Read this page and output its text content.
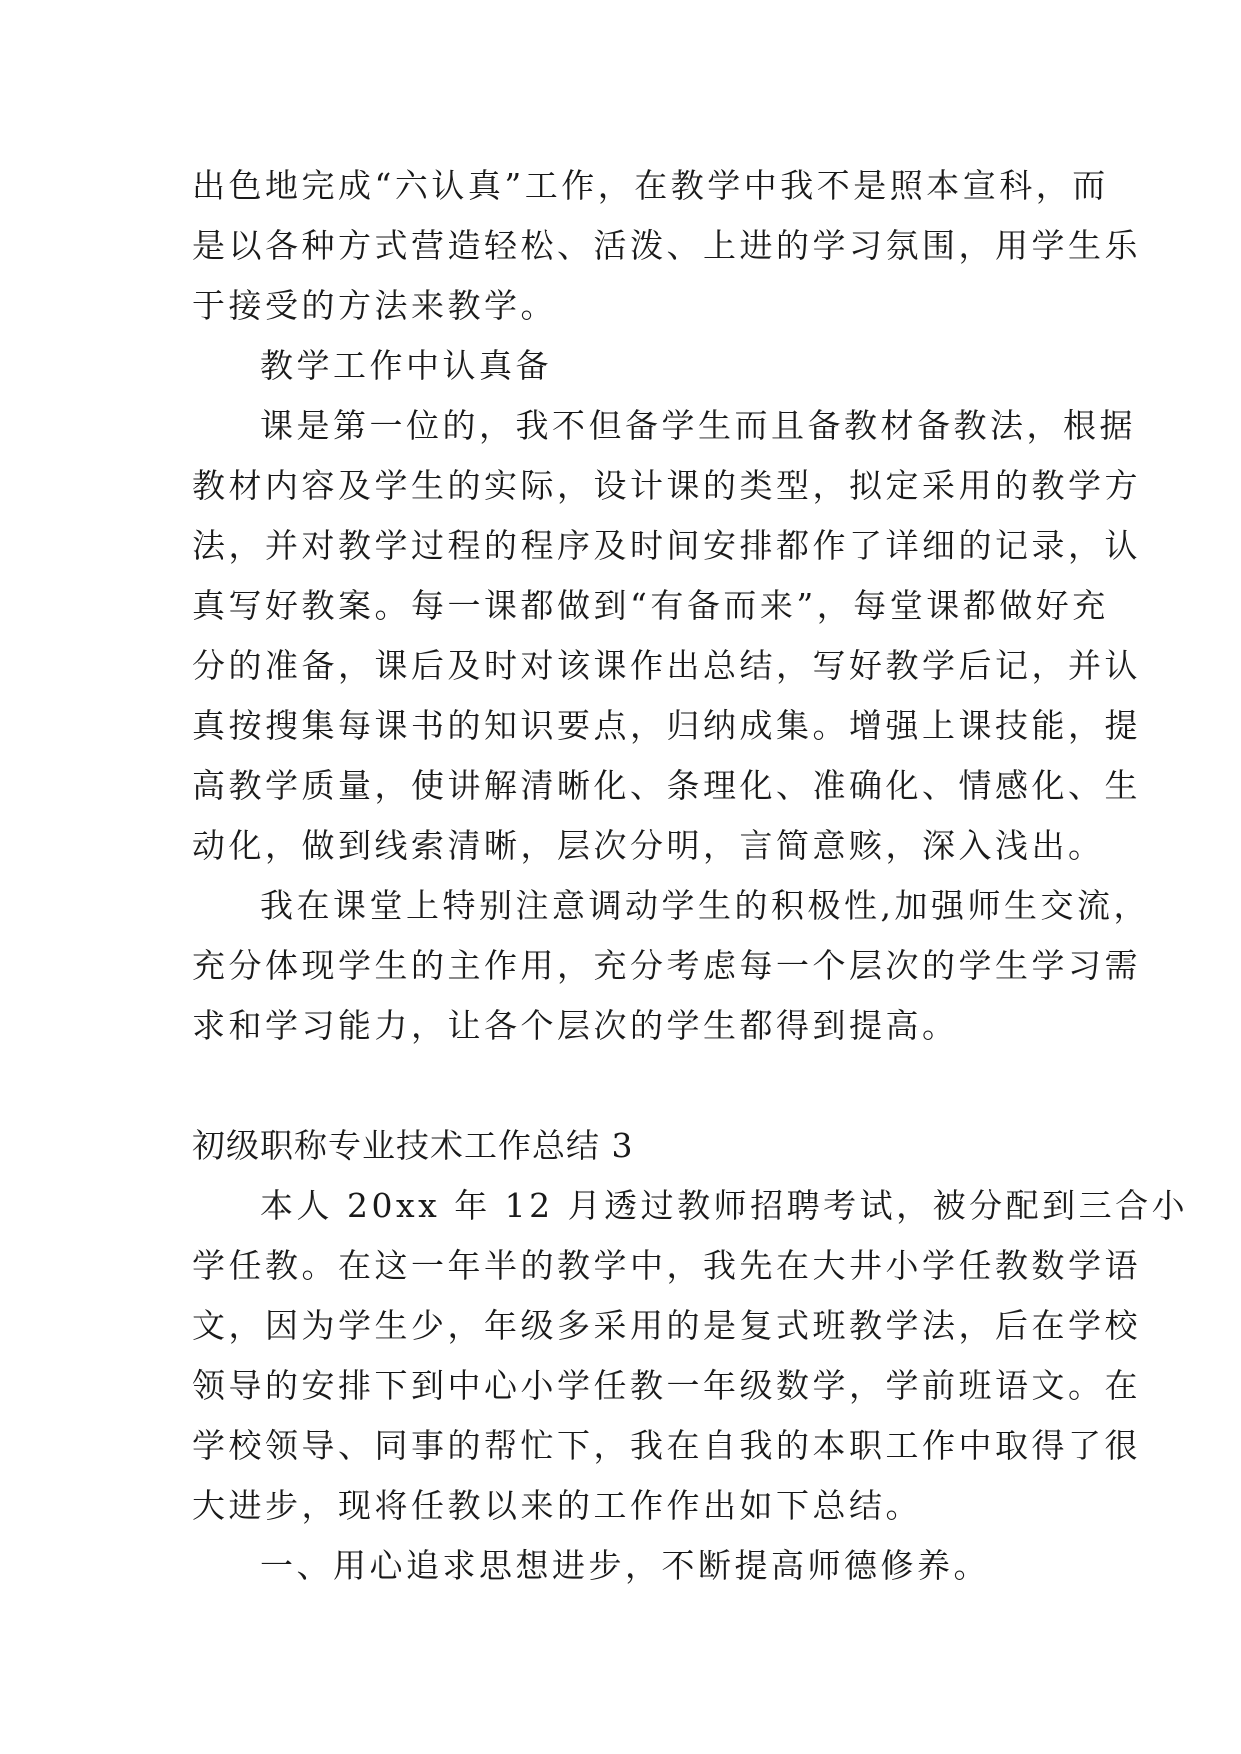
出色地完成“六认真”工作，在教学中我不是照本宣科，而
是以各种方式营造轻松、活泼、上进的学习氛围，用学生乐
于接受的方法来教学。
教学工作中认真备
课是第一位的，我不但备学生而且备教材备教法，根据
教材内容及学生的实际，设计课的类型，拟定采用的教学方
法，并对教学过程的程序及时间安排都作了详细的记录，认
真写好教案。每一课都做到“有备而来”，每堂课都做好充
分的准备，课后及时对该课作出总结，写好教学后记，并认
真按搜集每课书的知识要点，归纳成集。增强上课技能，提
高教学质量，使讲解清晰化、条理化、准确化、情感化、生
动化，做到线索清晰，层次分明，言简意赅，深入浅出。
我在课堂上特别注意调动学生的积极性,加强师生交流，
充分体现学生的主作用，充分考虑每一个层次的学生学习需
求和学习能力，让各个层次的学生都得到提高。
初级职称专业技术工作总结 3
本人 20xx 年 12 月透过教师招聘考试，被分配到三合小
学任教。在这一年半的教学中，我先在大井小学任教数学语
文，因为学生少，年级多采用的是复式班教学法，后在学校
领导的安排下到中心小学任教一年级数学，学前班语文。在
学校领导、同事的帮忙下，我在自我的本职工作中取得了很
大进步，现将任教以来的工作作出如下总结。
一、用心追求思想进步，不断提高师德修养。
